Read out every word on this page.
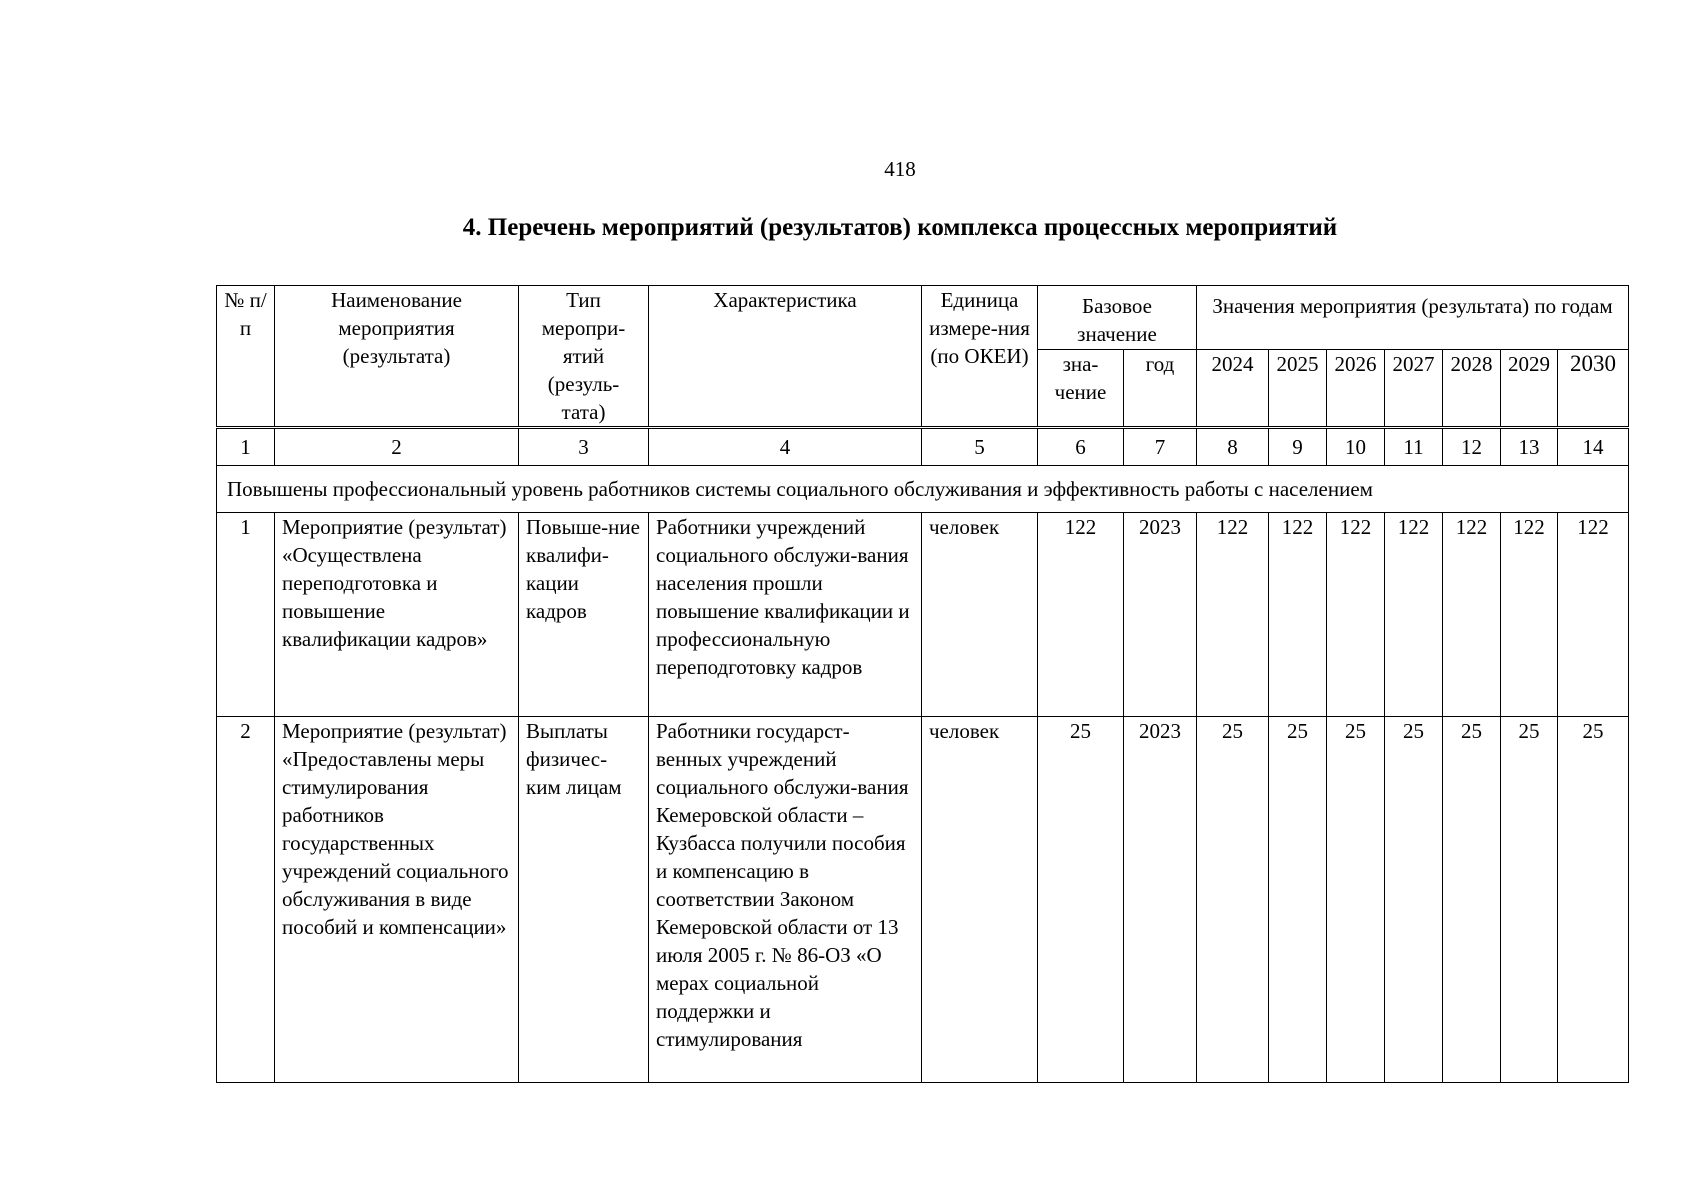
418
4. Перечень мероприятий (результатов) комплекса процессных мероприятий
№ п/п	Наименование мероприятия (результата)	Тип меропри-ятий (резуль-тата)	Характеристика	Единица измере-ния (по ОКЕИ)	Базовое значение		Значения мероприятия (результата) по годам						
					зна-чение	год	2024	2025	2026	2027	2028	2029	2030
1	2	3	4	5	6	7	8	9	10	11	12	13	14
Повышены профессиональный уровень работников системы социального обслуживания и эффективность работы с населением													
1	Мероприятие (результат) «Осуществлена переподготовка и повышение квалификации кадров»	Повыше-ние квалифи-кации кадров	Работники учреждений социального обслужи-вания населения прошли повышение квалификации и профессиональную переподготовку кадров	человек	122	2023	122	122	122	122	122	122	122
2	Мероприятие (результат) «Предоставлены меры стимулирования работников государственных учреждений социального обслуживания в виде пособий и компенсации»	Выплаты физичес-ким лицам	Работники государст-венных учреждений социального обслужи-вания Кемеровской области – Кузбасса получили пособия и компенсацию в соответствии Законом Кемеровской области от 13 июля 2005 г. № 86-ОЗ «О мерах социальной поддержки и стимулирования	человек	25	2023	25	25	25	25	25	25	25
